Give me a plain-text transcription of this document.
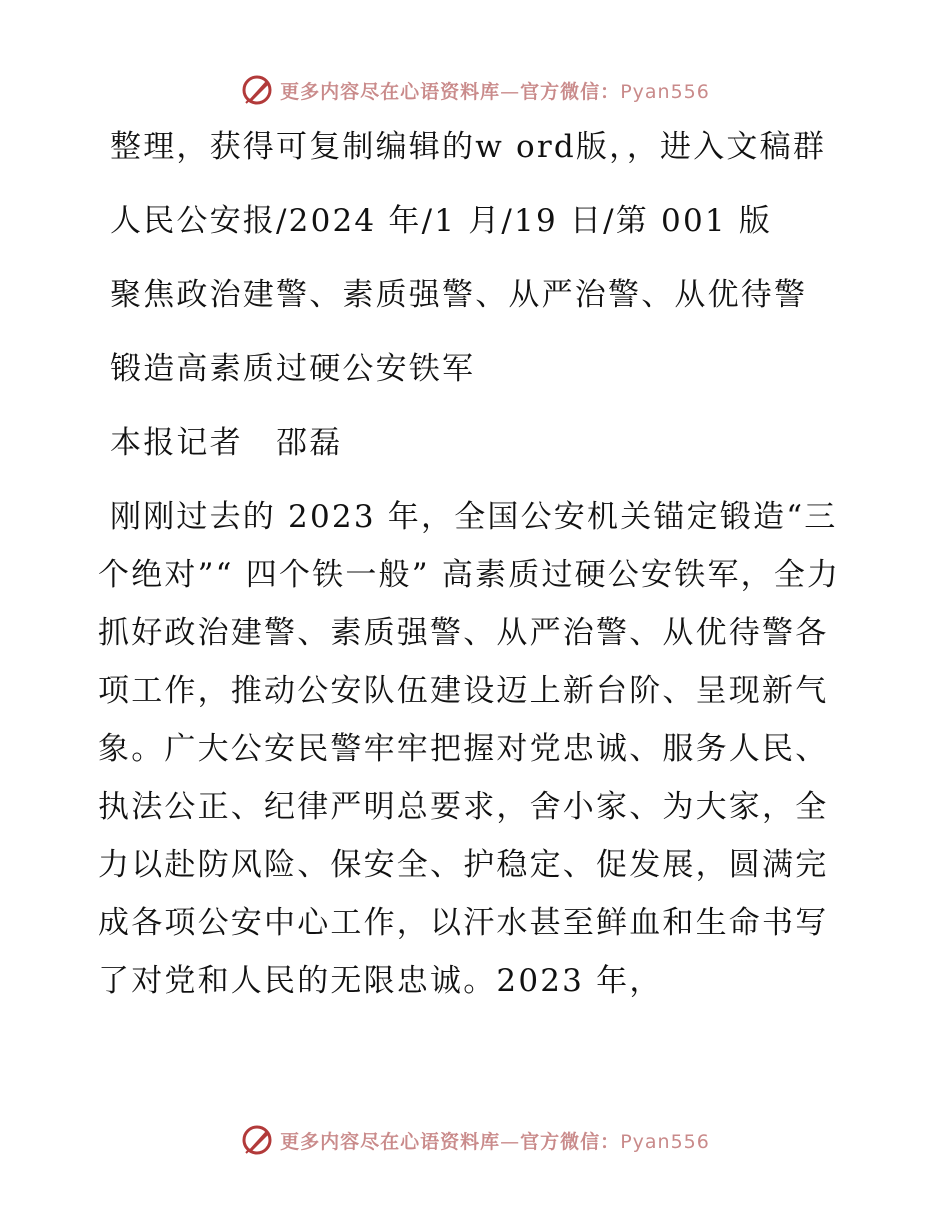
更多内容尽在心语资料库—官方微信：Pyan556

整理，获得可复制编辑的w ord版，，进入文稿群

人民公安报/2024 年/1 月/19 日/第 001 版

聚焦政治建警、素质强警、从严治警、从优待警

锻造高素质过硬公安铁军

本报记者　邵磊

刚刚过去的 2023 年，全国公安机关锚定锻造“三个绝对”“ 四个铁一般” 高素质过硬公安铁军，全力抓好政治建警、素质强警、从严治警、从优待警各项工作，推动公安队伍建设迈上新台阶、呈现新气象。广大公安民警牢牢把握对党忠诚、服务人民、执法公正、纪律严明总要求，舍小家、为大家，全力以赴防风险、保安全、护稳定、促发展，圆满完成各项公安中心工作，以汗水甚至鲜血和生命书写了对党和人民的无限忠诚。2023 年，

更多内容尽在心语资料库—官方微信：Pyan556
